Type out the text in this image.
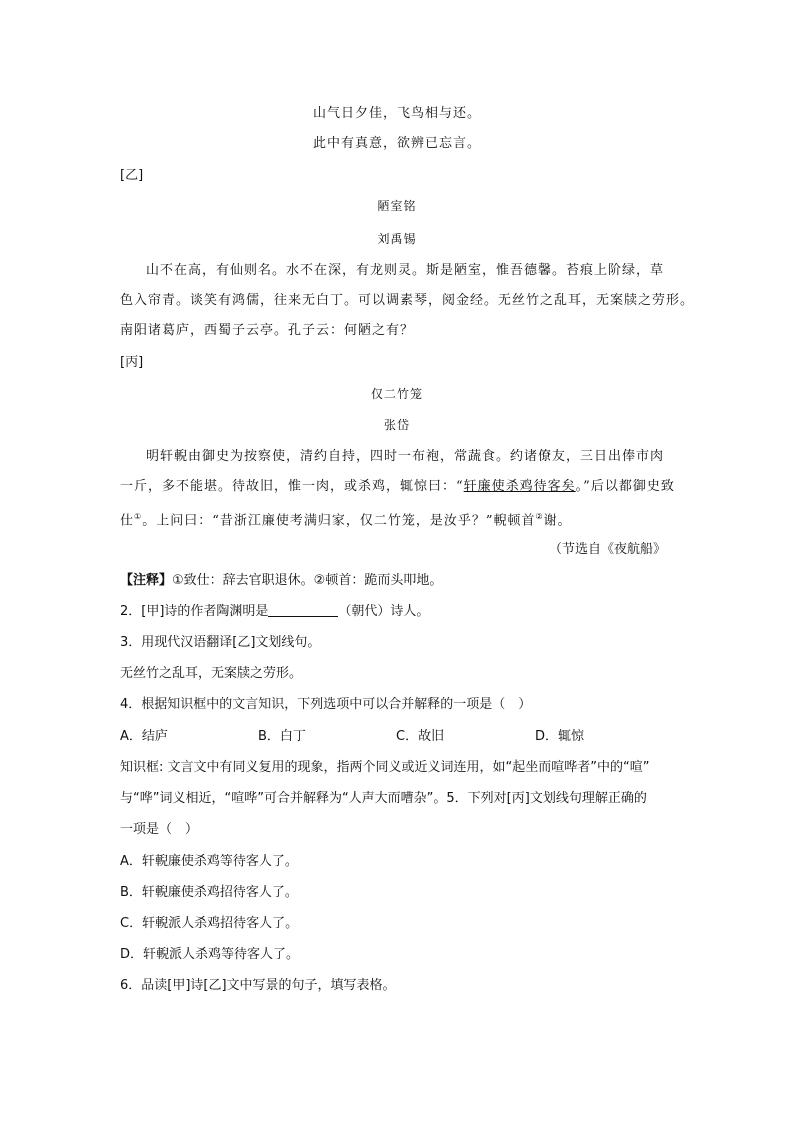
山气日夕佳，飞鸟相与还。
此中有真意，欲辨已忘言。
[乙]
陋室铭
刘禹锡
山不在高，有仙则名。水不在深，有龙则灵。斯是陋室，惟吾德馨。苔痕上阶绿，草
色入帘青。谈笑有鸿儒，往来无白丁。可以调素琴，阅金经。无丝竹之乱耳，无案牍之劳形。
南阳诸葛庐，西蜀子云亭。孔子云：何陋之有？
[丙]
仅二竹笼
张岱
明轩輗由御史为按察使，清约自持，四时一布袍，常蔬食。约诸僚友，三日出俸市肉
一斤，多不能堪。待故旧，惟一肉，或杀鸡，辄惊曰：“轩廉使杀鸡待客矣。”后以都御史致
仕①。上问曰：“昔浙江廉使考满归家，仅二竹笼，是汝乎？”輗顿首②谢。
（节选自《夜航船》
【注释】①致仕：辞去官职退休。②顿首：跪而头叩地。
2．[甲]诗的作者陶渊明是	（朝代）诗人。
3．用现代汉语翻译[乙]文划线句。
无丝竹之乱耳，无案牍之劳形。
4．根据知识框中的文言知识，下列选项中可以合并解释的一项是（　）
A．结庐	B．白丁	C．故旧	D．辄惊
知识框: 文言文中有同义复用的现象，指两个同义或近义词连用，如“起坐而喧哗者”中的“喧”
与“哗”词义相近，“喧哗”可合并解释为“人声大而嘈杂”。5．下列对[丙]文划线句理解正确的
一项是（　）
A．轩輗廉使杀鸡等待客人了。
B．轩輗廉使杀鸡招待客人了。
C．轩輗派人杀鸡招待客人了。
D．轩輗派人杀鸡等待客人了。
6．品读[甲]诗[乙]文中写景的句子，填写表格。
